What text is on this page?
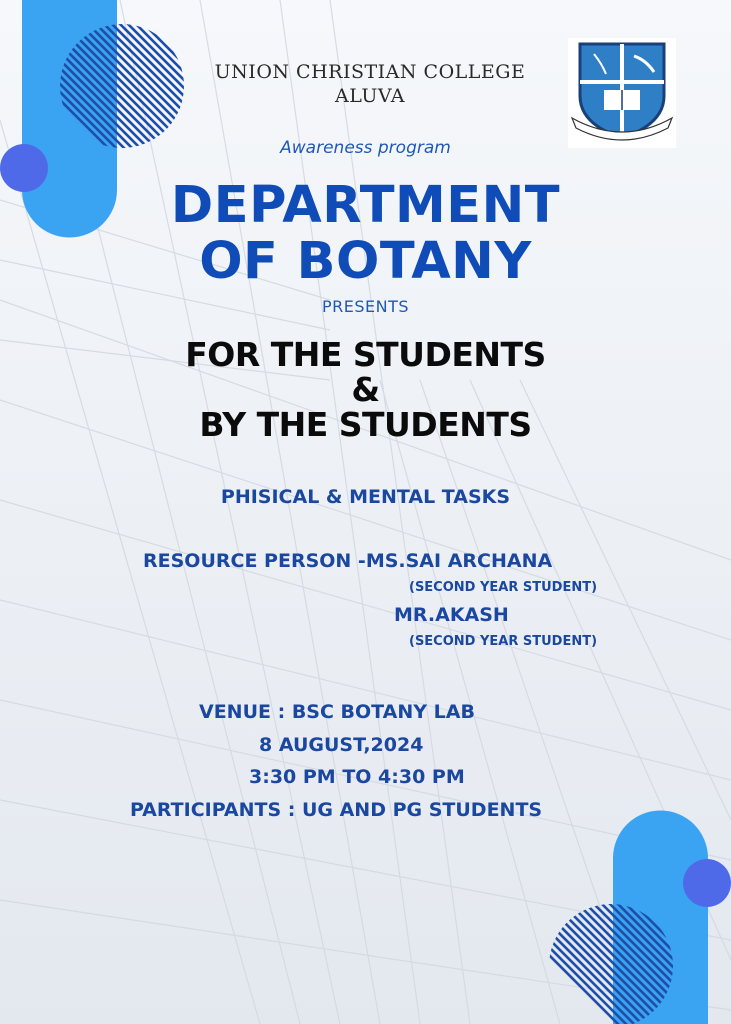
UNION CHRISTIAN COLLEGE
ALUVA
Awareness program
DEPARTMENT
OF BOTANY
PRESENTS
FOR THE STUDENTS
&
BY THE STUDENTS
PHISICAL & MENTAL TASKS
RESOURCE PERSON -MS.SAI ARCHANA
(SECOND YEAR STUDENT)
MR.AKASH
(SECOND YEAR STUDENT)
VENUE : BSC BOTANY LAB
8 AUGUST,2024
3:30 PM TO 4:30 PM
PARTICIPANTS : UG AND PG STUDENTS
